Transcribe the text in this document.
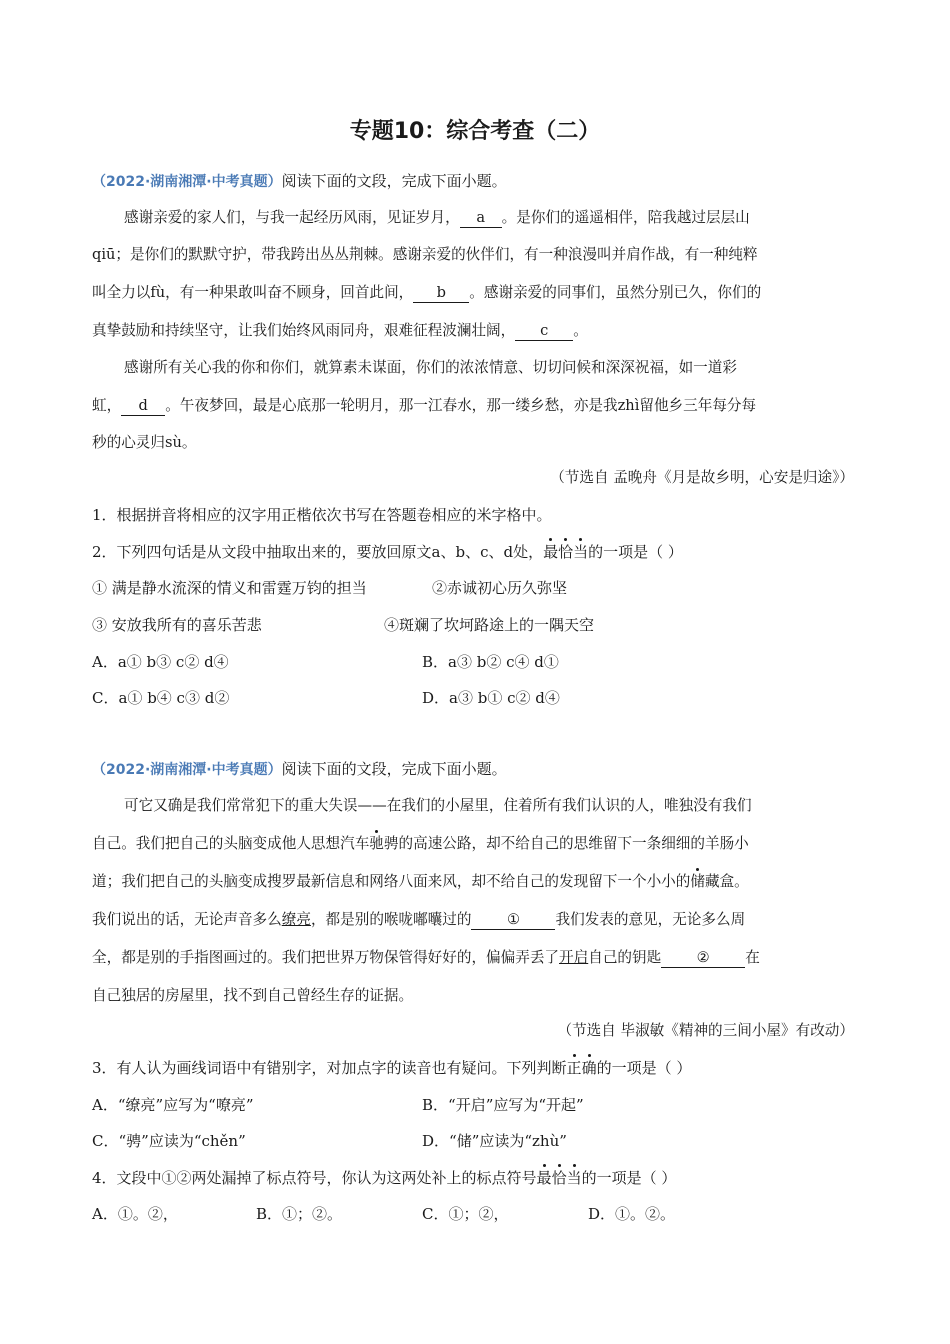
专题10：综合考查（二）
（2022·湖南湘潭·中考真题）阅读下面的文段，完成下面小题。
感谢亲爱的家人们，与我一起经历风雨，见证岁月， a 。是你们的遥遥相伴，陪我越过层层山
qiū；是你们的默默守护，带我跨出丛丛荆棘。感谢亲爱的伙伴们，有一种浪漫叫并肩作战，有一种纯粹
叫全力以fù，有一种果敢叫奋不顾身，回首此间， b 。感谢亲爱的同事们，虽然分别已久，你们的
真挚鼓励和持续坚守，让我们始终风雨同舟，艰难征程波澜壮阔， c 。
感谢所有关心我的你和你们，就算素未谋面，你们的浓浓情意、切切问候和深深祝福，如一道彩
虹， d 。午夜梦回，最是心底那一轮明月，那一江春水，那一缕乡愁，亦是我zhì留他乡三年每分每
秒的心灵归sù。
（节选自 孟晚舟《月是故乡明，心安是归途》）
1．根据拼音将相应的汉字用正楷依次书写在答题卷相应的米字格中。
2．下列四句话是从文段中抽取出来的，要放回原文a、b、c、d处，最恰当的一项是（ ）
① 满是静水流深的情义和雷霆万钧的担当	②赤诚初心历久弥坚
③ 安放我所有的喜乐苦悲	④斑斓了坎坷路途上的一隅天空
A．a① b③ c② d④	B．a③ b② c④ d①
C．a① b④ c③ d②	D．a③ b① c② d④
（2022·湖南湘潭·中考真题）阅读下面的文段，完成下面小题。
可它又确是我们常常犯下的重大失误——在我们的小屋里，住着所有我们认识的人，唯独没有我们
自己。我们把自己的头脑变成他人思想汽车驰骋的高速公路，却不给自己的思维留下一条细细的羊肠小
道；我们把自己的头脑变成搜罗最新信息和网络八面来风，却不给自己的发现留下一个小小的储藏盒。
我们说出的话，无论声音多么缭亮，都是别的喉咙嘟囔过的 ① 我们发表的意见，无论多么周
全，都是别的手指图画过的。我们把世界万物保管得好好的，偏偏弄丢了开启自己的钥匙 ② 在
自己独居的房屋里，找不到自己曾经生存的证据。
（节选自 毕淑敏《精神的三间小屋》有改动）
3．有人认为画线词语中有错别字，对加点字的读音也有疑问。下列判断正确的一项是（ ）
A．“缭亮”应写为“嘹亮”	B．“开启”应写为“开起”
C．“骋”应读为“chěn”	D．“储”应读为“zhù”
4．文段中①②两处漏掉了标点符号，你认为这两处补上的标点符号最恰当的一项是（ ）
A．①。②，	B．①；②。	C．①；②，	D．①。②。
